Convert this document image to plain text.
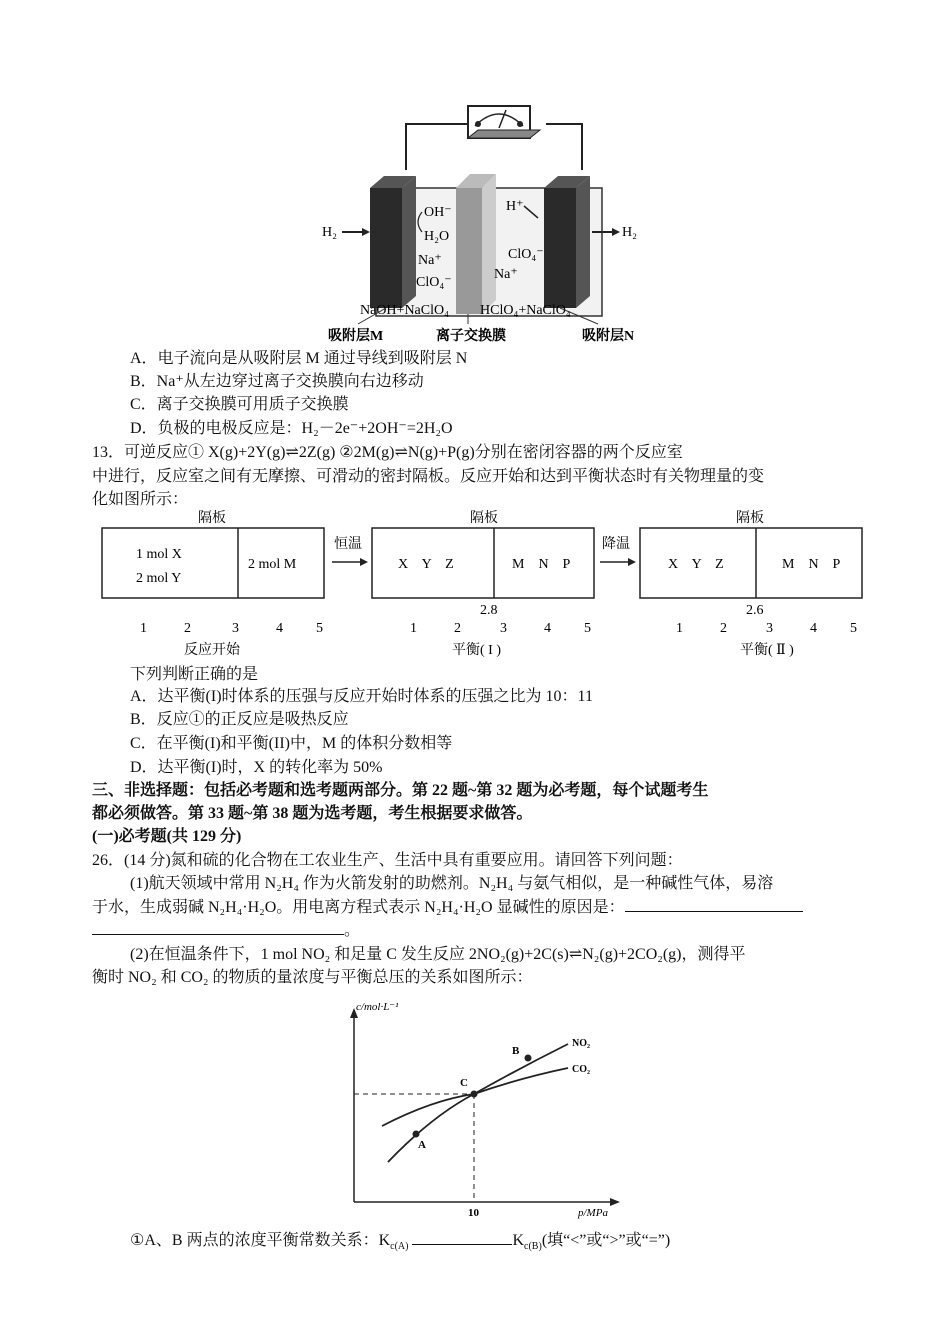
H₂	H₂
OH⁻
H₂O
Na⁺
ClO₄⁻
H⁺
ClO₄⁻
Na⁺
NaOH+NaClO₄ HClO₄+NaClO₄
吸附层M	离子交换膜	吸附层N
A．电子流向是从吸附层 M 通过导线到吸附层 N
B．Na⁺从左边穿过离子交换膜向右边移动
C．离子交换膜可用质子交换膜
D．负极的电极反应是：H₂－2e⁻+2OH⁻=2H₂O
13．可逆反应① X(g)+2Y(g)⇌2Z(g) ②2M(g)⇌N(g)+P(g)分别在密闭容器的两个反应室
中进行，反应室之间有无摩擦、可滑动的密封隔板。反应开始和达到平衡状态时有关物理量的变
化如图所示：
隔板
1 mol X
2 mol Y
2 mol M
恒温
隔板
X    Y    Z	M    N    P
2.8
降温
隔板
X    Y    Z	M    N    P
2.6
1	2	3	4 5	1	2	3	4 5	1	2	3	4 5
反应开始	平衡( I )	平衡( Ⅱ )
下列判断正确的是
A．达平衡(I)时体系的压强与反应开始时体系的压强之比为 10：11
B．反应①的正反应是吸热反应
C．在平衡(I)和平衡(II)中，M 的体积分数相等
D．达平衡(I)时，X 的转化率为 50%
三、非选择题：包括必考题和选考题两部分。第 22 题~第 32 题为必考题，每个试题考生
都必须做答。第 33 题~第 38 题为选考题，考生根据要求做答。
(一)必考题(共 129 分)
26．(14 分)氮和硫的化合物在工农业生产、生活中具有重要应用。请回答下列问题：
(1)航天领域中常用 N₂H₄ 作为火箭发射的助燃剂。N₂H₄ 与氨气相似，是一种碱性气体，易溶
于水，生成弱碱 N₂H₄·H₂O。用电离方程式表示 N₂H₄·H₂O 显碱性的原因是：
。
(2)在恒温条件下，1 mol NO₂ 和足量 C 发生反应 2NO₂(g)+2C(s)⇌N₂(g)+2CO₂(g)，测得平
衡时 NO₂ 和 CO₂ 的物质的量浓度与平衡总压的关系如图所示：
c/mol·L⁻¹
p/MPa
10
NO₂
CO₂
A
B
C
①A、B 两点的浓度平衡常数关系：$K_{c(A)}$	$K_{c(B)}$(填“<”或“>”或“=”)
